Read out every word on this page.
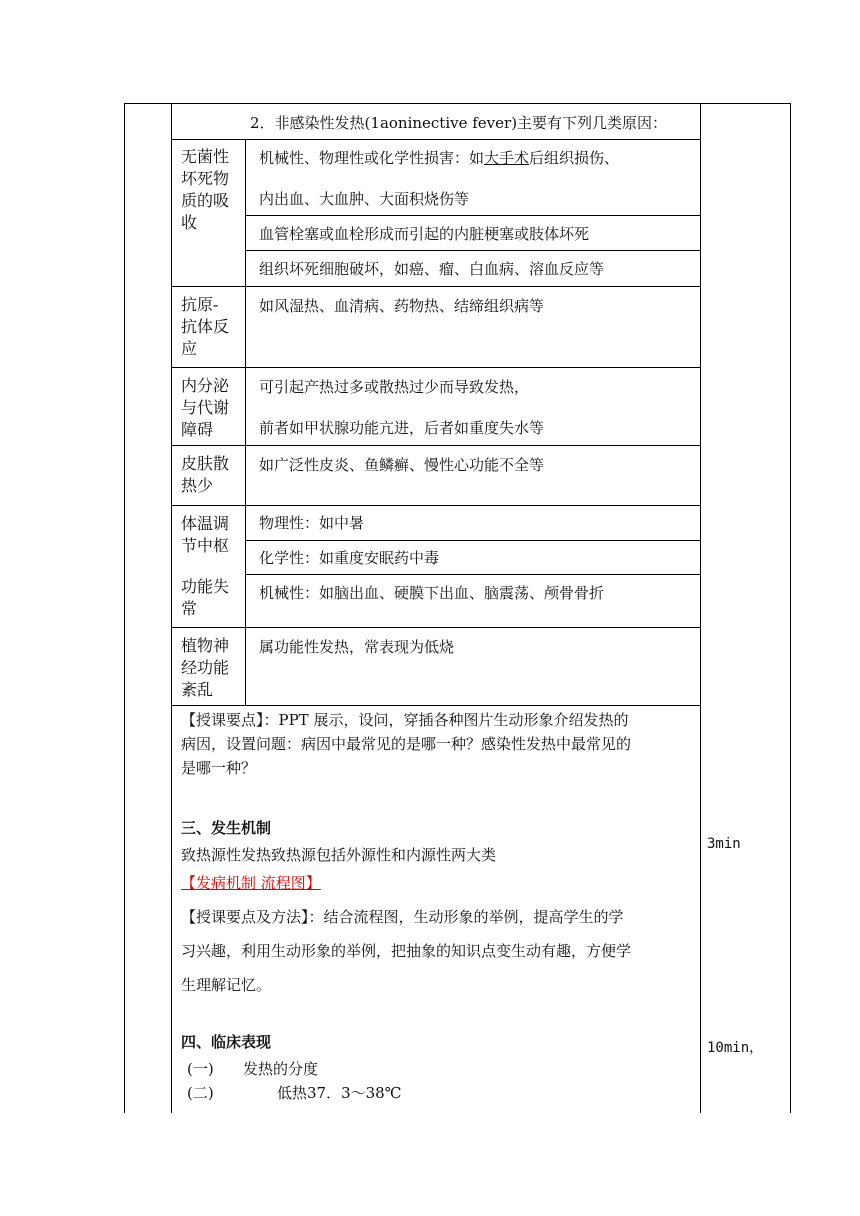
2．非感染性发热(1aoninective fever)主要有下列几类原因：
无菌性
坏死物
质的吸
收
机械性、物理性或化学性损害：如大手术后组织损伤、
内出血、大血肿、大面积烧伤等
血管栓塞或血栓形成而引起的内脏梗塞或肢体坏死
组织坏死细胞破坏，如癌、瘤、白血病、溶血反应等
抗原-
抗体反
应
如风湿热、血清病、药物热、结缔组织病等
内分泌
与代谢
障碍
可引起产热过多或散热过少而导致发热，
前者如甲状腺功能亢进，后者如重度失水等
皮肤散
热少
如广泛性皮炎、鱼鳞癣、慢性心功能不全等
体温调
节中枢
功能失
常
物理性：如中暑
化学性：如重度安眠药中毒
机械性：如脑出血、硬膜下出血、脑震荡、颅骨骨折
植物神
经功能
紊乱
属功能性发热，常表现为低烧
【授课要点】：PPT 展示，设问，穿插各种图片生动形象介绍发热的
病因，设置问题：病因中最常见的是哪一种？感染性发热中最常见的
是哪一种？
三、发生机制
致热源性发热致热源包括外源性和内源性两大类
【发病机制 流程图】
【授课要点及方法】：结合流程图，生动形象的举例，提高学生的学
习兴趣，利用生动形象的举例，把抽象的知识点变生动有趣，方便学
生理解记忆。
四、临床表现
(一) 发热的分度
(二)	低热37．3～38℃
3min
10min，
